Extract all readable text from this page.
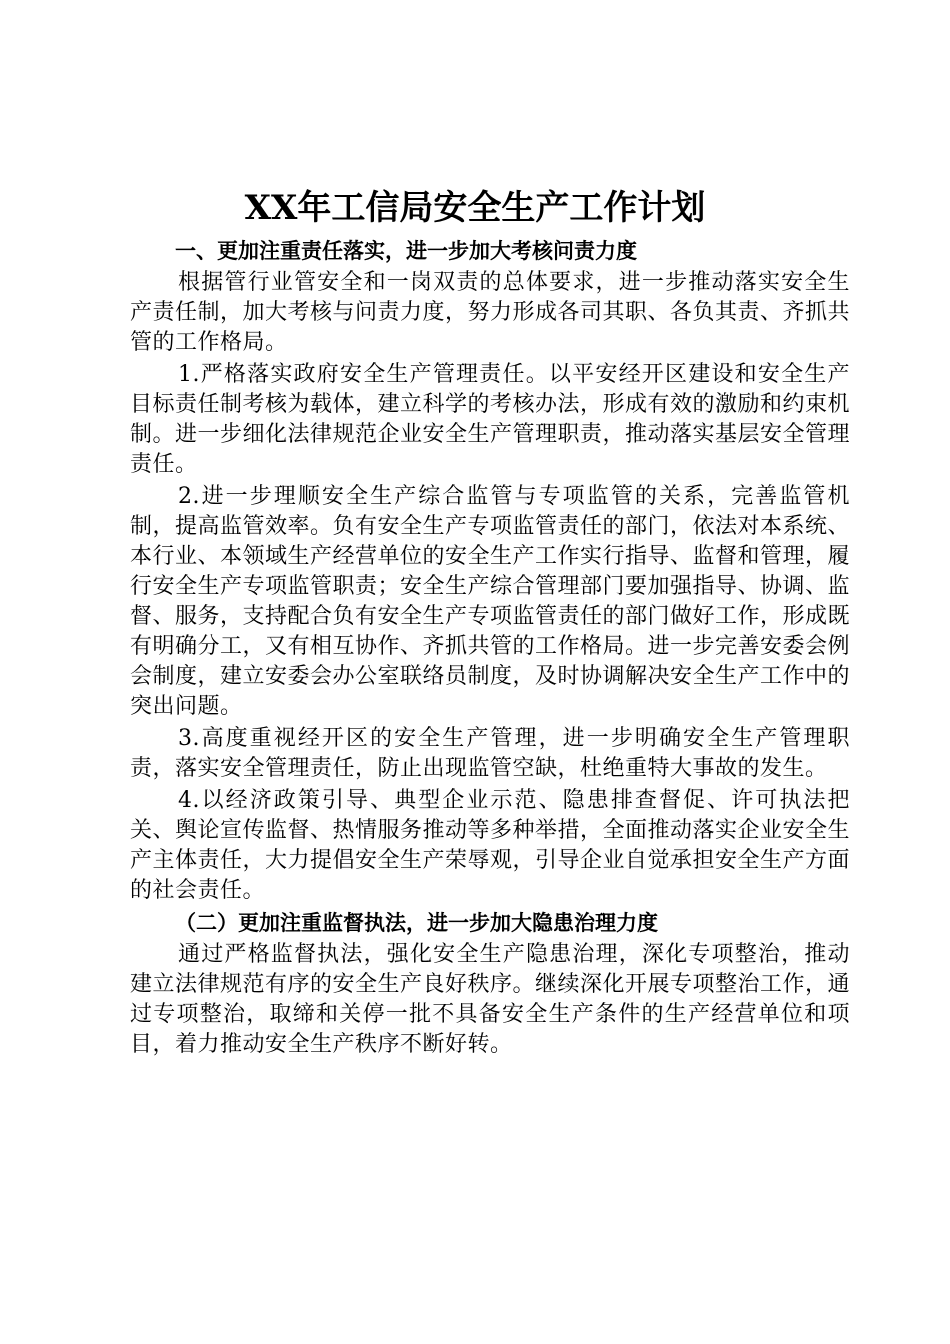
XX年工信局安全生产工作计划
一、更加注重责任落实，进一步加大考核问责力度

根据管行业管安全和一岗双责的总体要求，进一步推动落实安全生产责任制，加大考核与问责力度，努力形成各司其职、各负其责、齐抓共管的工作格局。

1.严格落实政府安全生产管理责任。以平安经开区建设和安全生产目标责任制考核为载体，建立科学的考核办法，形成有效的激励和约束机制。进一步细化法律规范企业安全生产管理职责，推动落实基层安全管理责任。

2.进一步理顺安全生产综合监管与专项监管的关系，完善监管机制，提高监管效率。负有安全生产专项监管责任的部门，依法对本系统、本行业、本领域生产经营单位的安全生产工作实行指导、监督和管理，履行安全生产专项监管职责；安全生产综合管理部门要加强指导、协调、监督、服务，支持配合负有安全生产专项监管责任的部门做好工作，形成既有明确分工，又有相互协作、齐抓共管的工作格局。进一步完善安委会例会制度，建立安委会办公室联络员制度，及时协调解决安全生产工作中的突出问题。

3.高度重视经开区的安全生产管理，进一步明确安全生产管理职责，落实安全管理责任，防止出现监管空缺，杜绝重特大事故的发生。

4.以经济政策引导、典型企业示范、隐患排查督促、许可执法把关、舆论宣传监督、热情服务推动等多种举措，全面推动落实企业安全生产主体责任，大力提倡安全生产荣辱观，引导企业自觉承担安全生产方面的社会责任。

（二）更加注重监督执法，进一步加大隐患治理力度

通过严格监督执法，强化安全生产隐患治理，深化专项整治，推动建立法律规范有序的安全生产良好秩序。继续深化开展专项整治工作，通过专项整治，取缔和关停一批不具备安全生产条件的生产经营单位和项目，着力推动安全生产秩序不断好转。
